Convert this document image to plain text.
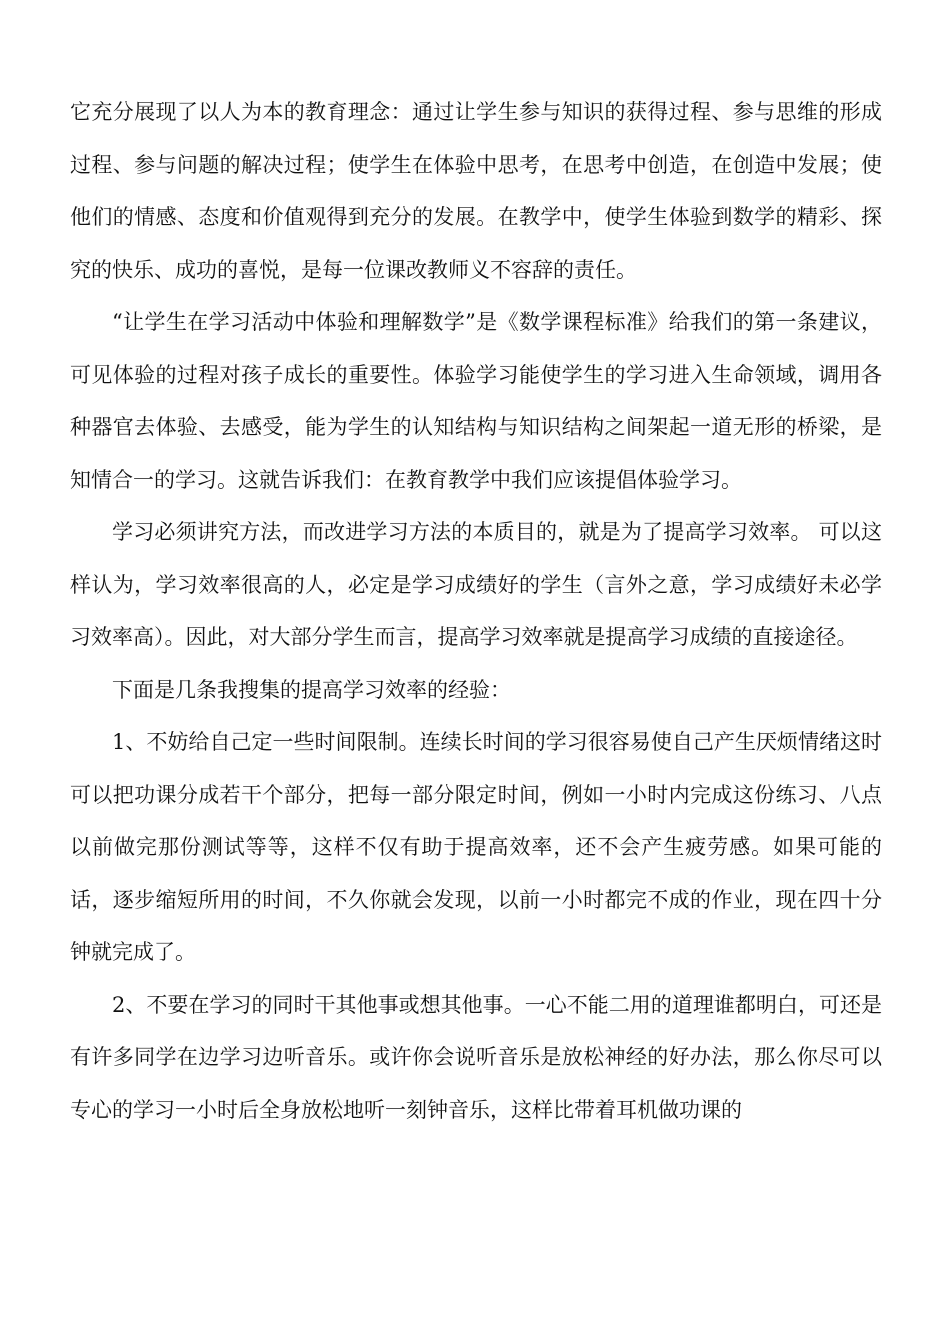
它充分展现了以人为本的教育理念：通过让学生参与知识的获得过程、参与思维的形成过程、参与问题的解决过程；使学生在体验中思考，在思考中创造，在创造中发展；使他们的情感、态度和价值观得到充分的发展。在教学中，使学生体验到数学的精彩、探究的快乐、成功的喜悦，是每一位课改教师义不容辞的责任。

“让学生在学习活动中体验和理解数学”是《数学课程标准》给我们的第一条建议，可见体验的过程对孩子成长的重要性。体验学习能使学生的学习进入生命领域，调用各种器官去体验、去感受，能为学生的认知结构与知识结构之间架起一道无形的桥梁，是知情合一的学习。这就告诉我们：在教育教学中我们应该提倡体验学习。

学习必须讲究方法，而改进学习方法的本质目的，就是为了提高学习效率。 可以这样认为，学习效率很高的人，必定是学习成绩好的学生（言外之意，学习成绩好未必学习效率高）。因此，对大部分学生而言，提高学习效率就是提高学习成绩的直接途径。

下面是几条我搜集的提高学习效率的经验：

1、不妨给自己定一些时间限制。连续长时间的学习很容易使自己产生厌烦情绪这时可以把功课分成若干个部分，把每一部分限定时间，例如一小时内完成这份练习、八点以前做完那份测试等等，这样不仅有助于提高效率，还不会产生疲劳感。如果可能的话，逐步缩短所用的时间，不久你就会发现，以前一小时都完不成的作业，现在四十分钟就完成了。

2、不要在学习的同时干其他事或想其他事。一心不能二用的道理谁都明白，可还是有许多同学在边学习边听音乐。或许你会说听音乐是放松神经的好办法，那么你尽可以专心的学习一小时后全身放松地听一刻钟音乐，这样比带着耳机做功课的
